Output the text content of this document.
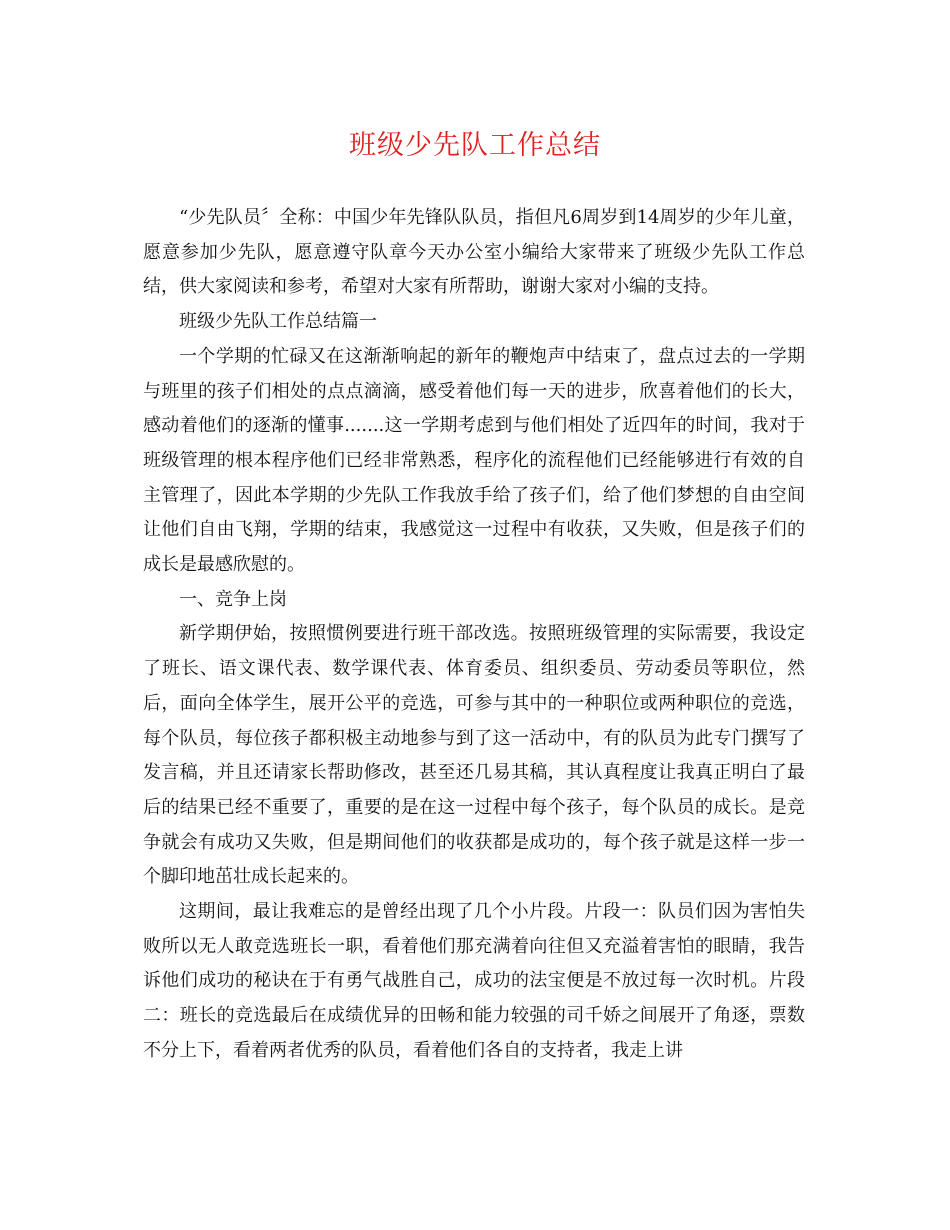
班级少先队工作总结

“少先队员〞全称：中国少年先锋队队员，指但凡6周岁到14周岁的少年儿童，愿意参加少先队，愿意遵守队章今天办公室小编给大家带来了班级少先队工作总结，供大家阅读和参考，希望对大家有所帮助，谢谢大家对小编的支持。

班级少先队工作总结篇一

一个学期的忙碌又在这渐渐响起的新年的鞭炮声中结束了，盘点过去的一学期与班里的孩子们相处的点点滴滴，感受着他们每一天的进步，欣喜着他们的长大，感动着他们的逐渐的懂事.......这一学期考虑到与他们相处了近四年的时间，我对于班级管理的根本程序他们已经非常熟悉，程序化的流程他们已经能够进行有效的自主管理了，因此本学期的少先队工作我放手给了孩子们，给了他们梦想的自由空间让他们自由飞翔，学期的结束，我感觉这一过程中有收获，又失败，但是孩子们的成长是最感欣慰的。

一、竞争上岗

新学期伊始，按照惯例要进行班干部改选。按照班级管理的实际需要，我设定了班长、语文课代表、数学课代表、体育委员、组织委员、劳动委员等职位，然后，面向全体学生，展开公平的竞选，可参与其中的一种职位或两种职位的竞选，每个队员，每位孩子都积极主动地参与到了这一活动中，有的队员为此专门撰写了发言稿，并且还请家长帮助修改，甚至还几易其稿，其认真程度让我真正明白了最后的结果已经不重要了，重要的是在这一过程中每个孩子，每个队员的成长。是竞争就会有成功又失败，但是期间他们的收获都是成功的，每个孩子就是这样一步一个脚印地茁壮成长起来的。

这期间，最让我难忘的是曾经出现了几个小片段。片段一：队员们因为害怕失败所以无人敢竞选班长一职，看着他们那充满着向往但又充溢着害怕的眼睛，我告诉他们成功的秘诀在于有勇气战胜自己，成功的法宝便是不放过每一次时机。片段二：班长的竞选最后在成绩优异的田畅和能力较强的司千娇之间展开了角逐，票数不分上下，看着两者优秀的队员，看着他们各自的支持者，我走上讲
